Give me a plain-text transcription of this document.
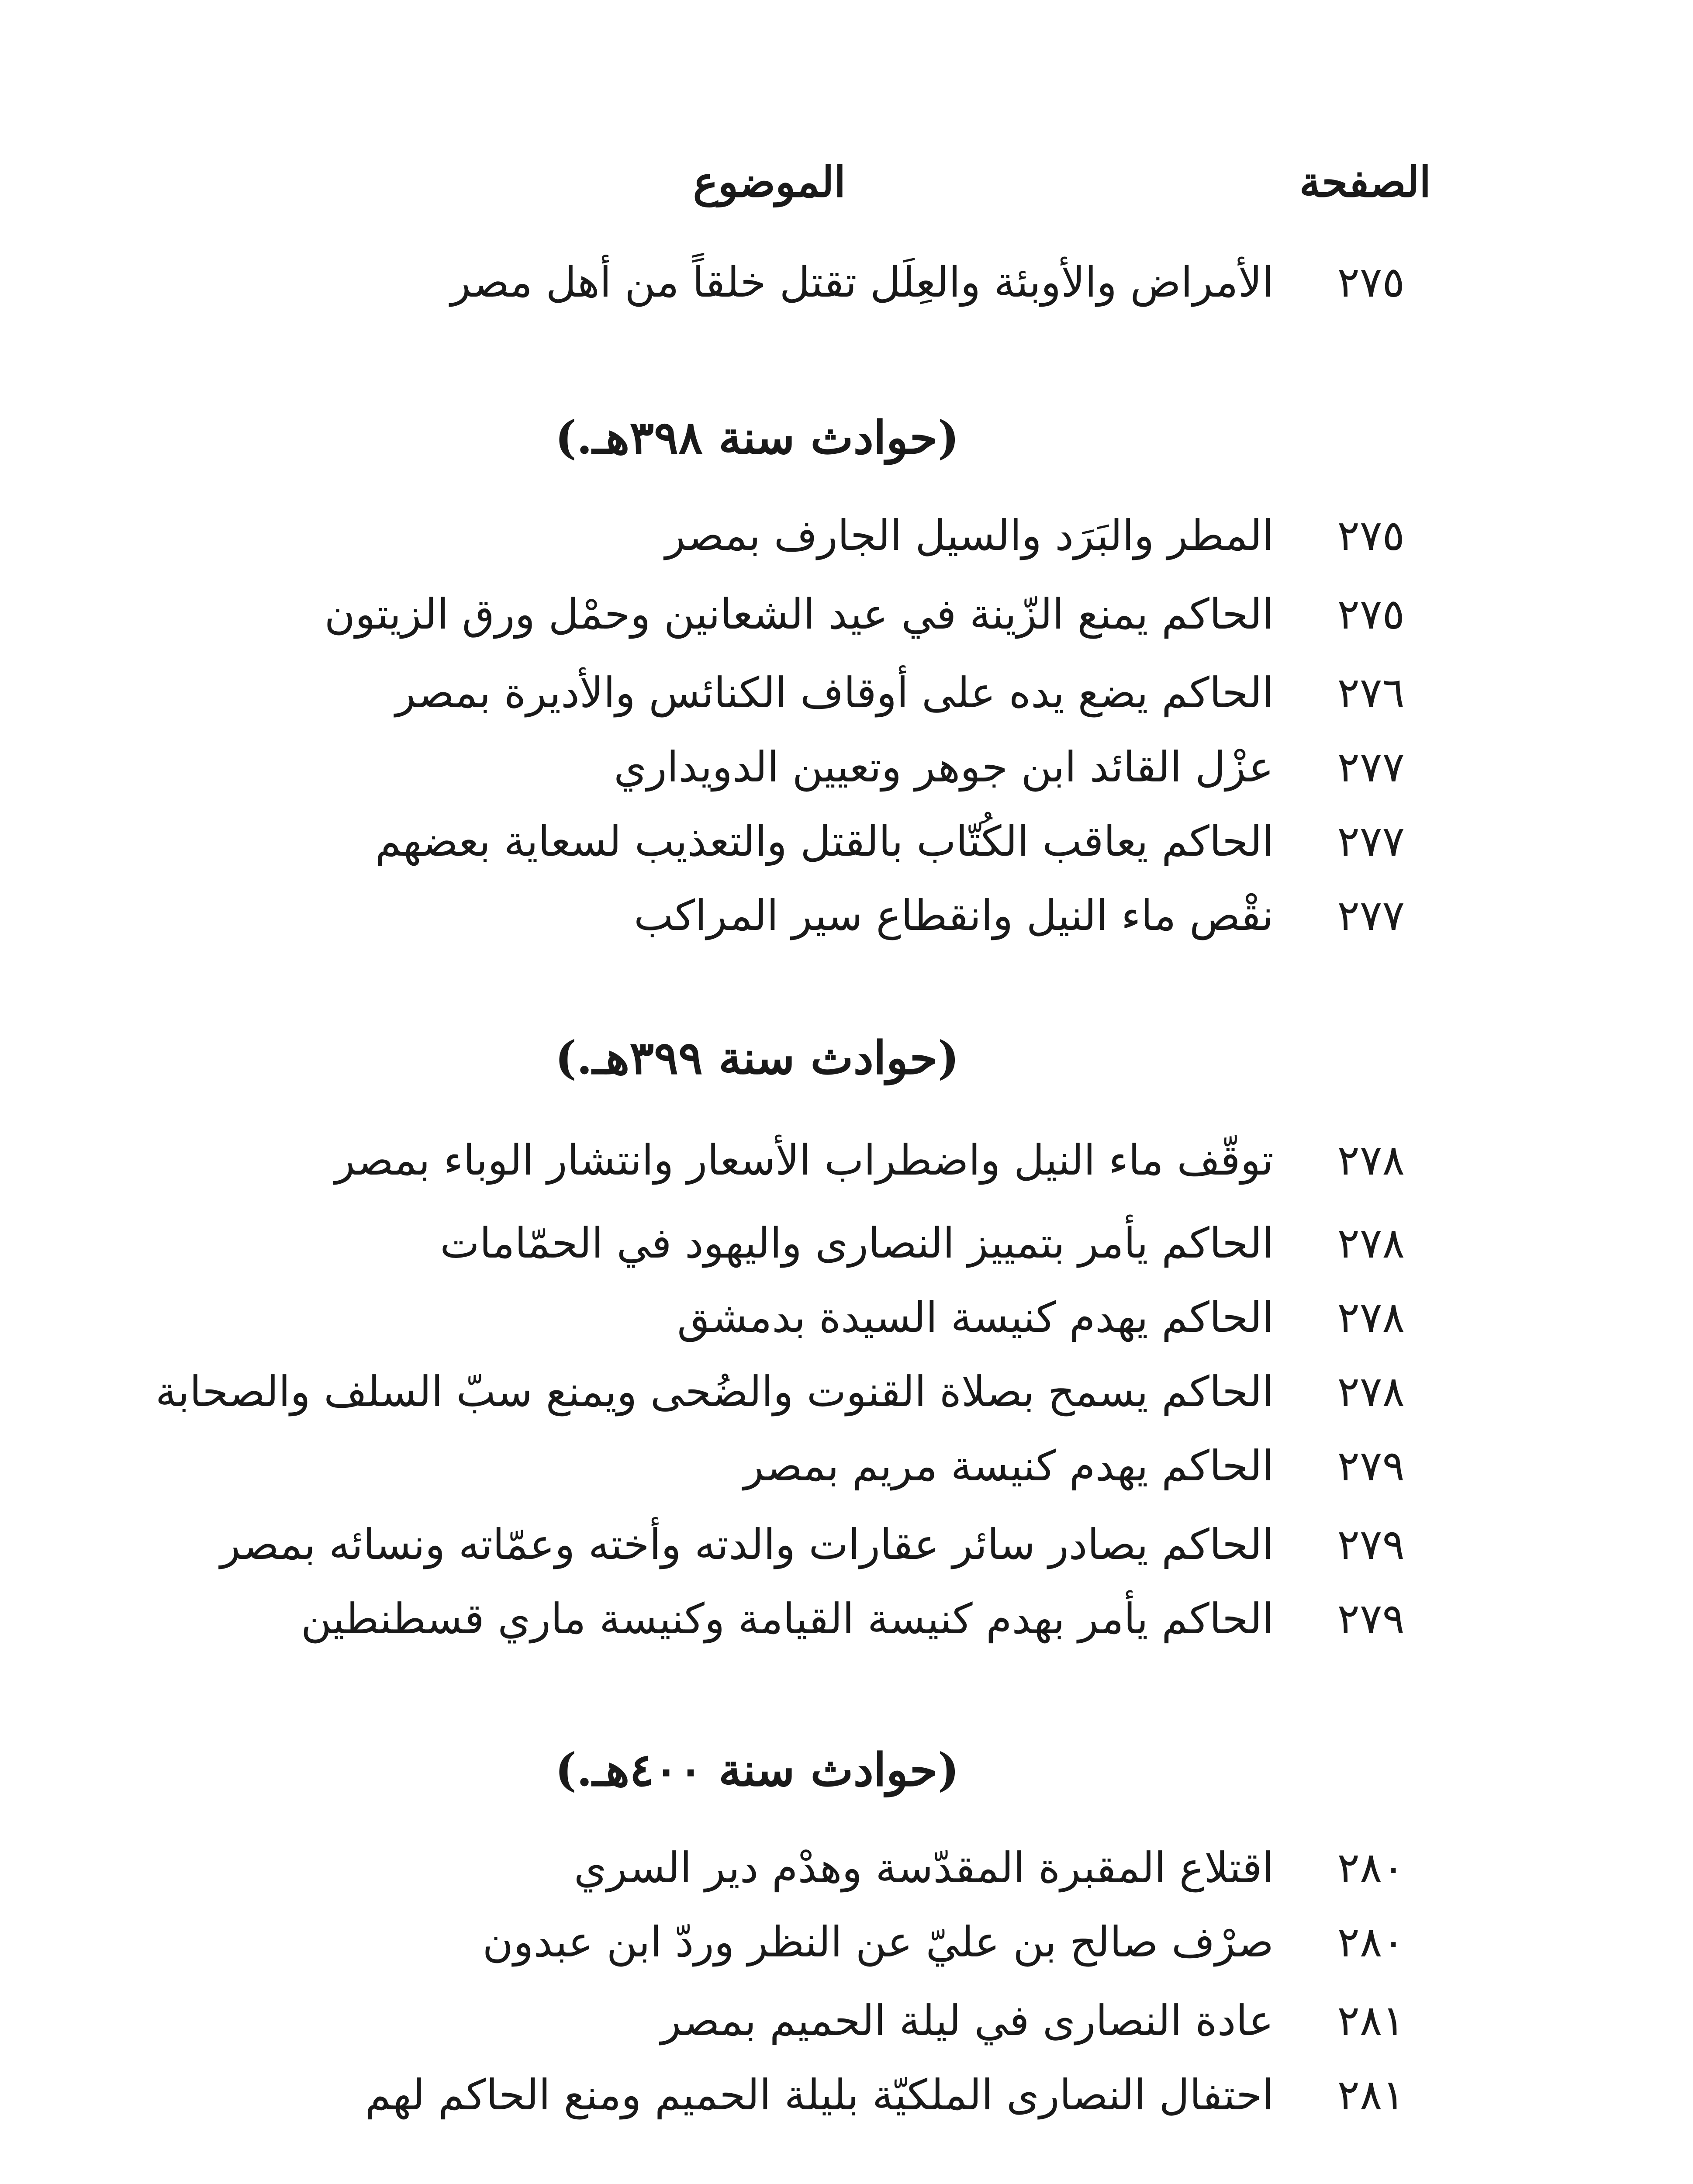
الصفحة
الموضوع
٢٧٥
الأمراض والأوبئة والعِلَل تقتل خلقاً من أهل مصر
(حوادث سنة ٣٩٨هـ.)
٢٧٥
المطر والبَرَد والسيل الجارف بمصر
٢٧٥
الحاكم يمنع الزّينة في عيد الشعانين وحمْل ورق الزيتون
٢٧٦
الحاكم يضع يده على أوقاف الكنائس والأديرة بمصر
٢٧٧
عزْل القائد ابن جوهر وتعيين الدويداري
٢٧٧
الحاكم يعاقب الكُتّاب بالقتل والتعذيب لسعاية بعضهم
٢٧٧
نقْص ماء النيل وانقطاع سير المراكب
(حوادث سنة ٣٩٩هـ.)
٢٧٨
توقّف ماء النيل واضطراب الأسعار وانتشار الوباء بمصر
٢٧٨
الحاكم يأمر بتمييز النصارى واليهود في الحمّامات
٢٧٨
الحاكم يهدم كنيسة السيدة بدمشق
٢٧٨
الحاكم يسمح بصلاة القنوت والضُحى ويمنع سبّ السلف والصحابة
٢٧٩
الحاكم يهدم كنيسة مريم بمصر
٢٧٩
الحاكم يصادر سائر عقارات والدته وأخته وعمّاته ونسائه بمصر
٢٧٩
الحاكم يأمر بهدم كنيسة القيامة وكنيسة ماري قسطنطين
(حوادث سنة ٤٠٠هـ.)
٢٨٠
اقتلاع المقبرة المقدّسة وهدْم دير السري
٢٨٠
صرْف صالح بن عليّ عن النظر وردّ ابن عبدون
٢٨١
عادة النصارى في ليلة الحميم بمصر
٢٨١
احتفال النصارى الملكيّة بليلة الحميم ومنع الحاكم لهم
